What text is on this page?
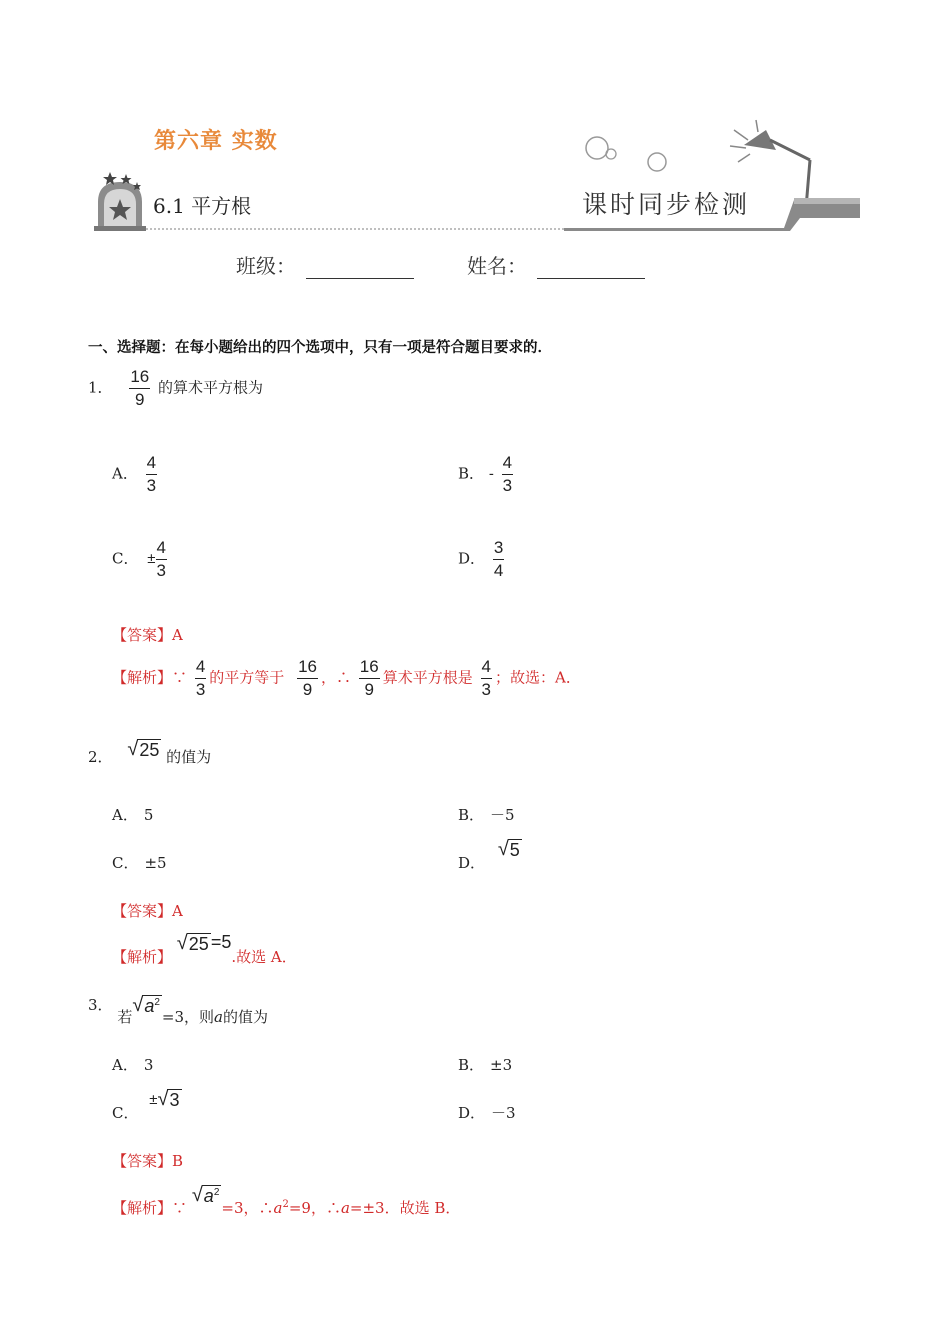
第六章 实数
6.1 平方根	课时同步检测
班级：	姓名：
一、选择题：在每小题给出的四个选项中，只有一项是符合题目要求的．
1． $\frac{16}{9}$ 的算术平方根为
A． $\frac{4}{3}$	B． - $\frac{4}{3}$
C． ± $\frac{4}{3}$	D． $\frac{3}{4}$
【答案】A
【解析】∵ $\frac{4}{3}$ 的平方等于 $\frac{16}{9}$ ，∴ $\frac{16}{9}$ 算术平方根是 $\frac{4}{3}$ ；故选：A．
2． √ 25 的值为
A． 5	B． －5
C． ±5	D．
√ 5
【答案】A
【解析】
√ 25 =5.故选 A．
3． 若
√ $a^2$
=3，则a的值为
A． 3	B． ±3
C． ± √ 3
D． －3
【答案】B
【解析】∵
√ $a^2$
=3，$\therefore a^2=9$，∴a=±3．故选 B．
